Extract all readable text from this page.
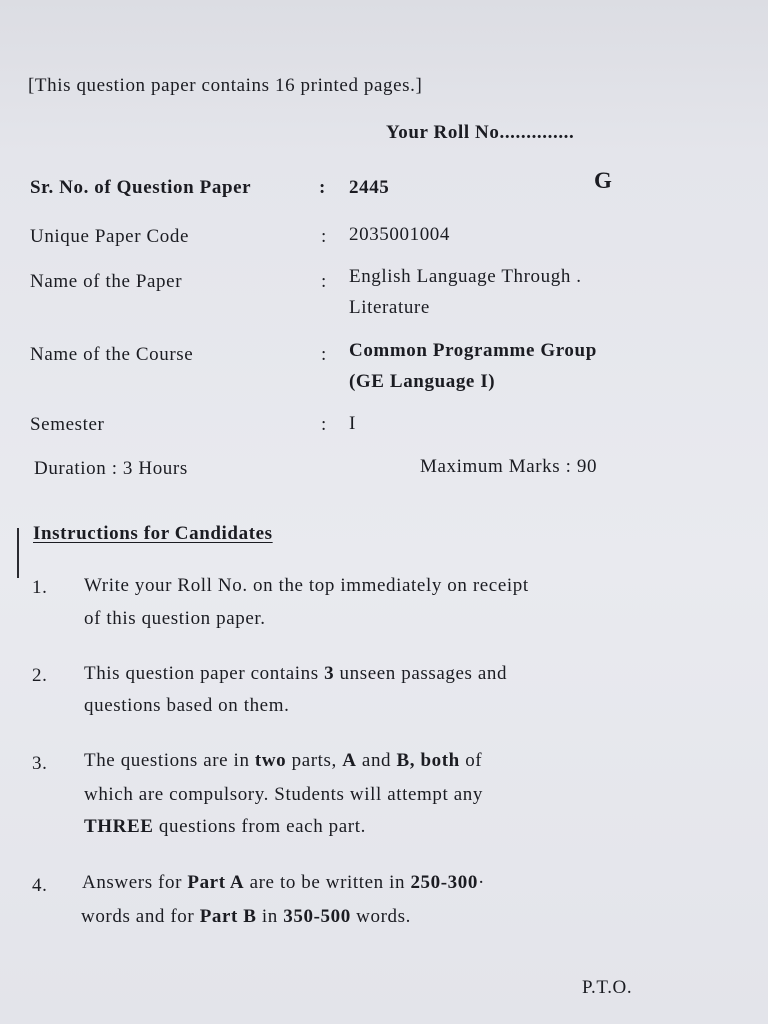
[This question paper contains 16 printed pages.]
Your Roll No..............
G
Sr. No. of Question Paper	: 2445
Unique Paper Code	: 2035001004
Name of the Paper	: English Language Through .
Literature
Name of the Course	: Common Programme Group
(GE Language I)
Semester	: I
Duration : 3 Hours	Maximum Marks : 90
Instructions for Candidates
1. Write your Roll No. on the top immediately on receipt
of this question paper.
2. This question paper contains 3 unseen passages and
questions based on them.
3. The questions are in two parts, A and B, both of
which are compulsory. Students will attempt any
THREE questions from each part.
4. Answers for Part A are to be written in 250-300·
words and for Part B in 350-500 words.
P.T.O.
